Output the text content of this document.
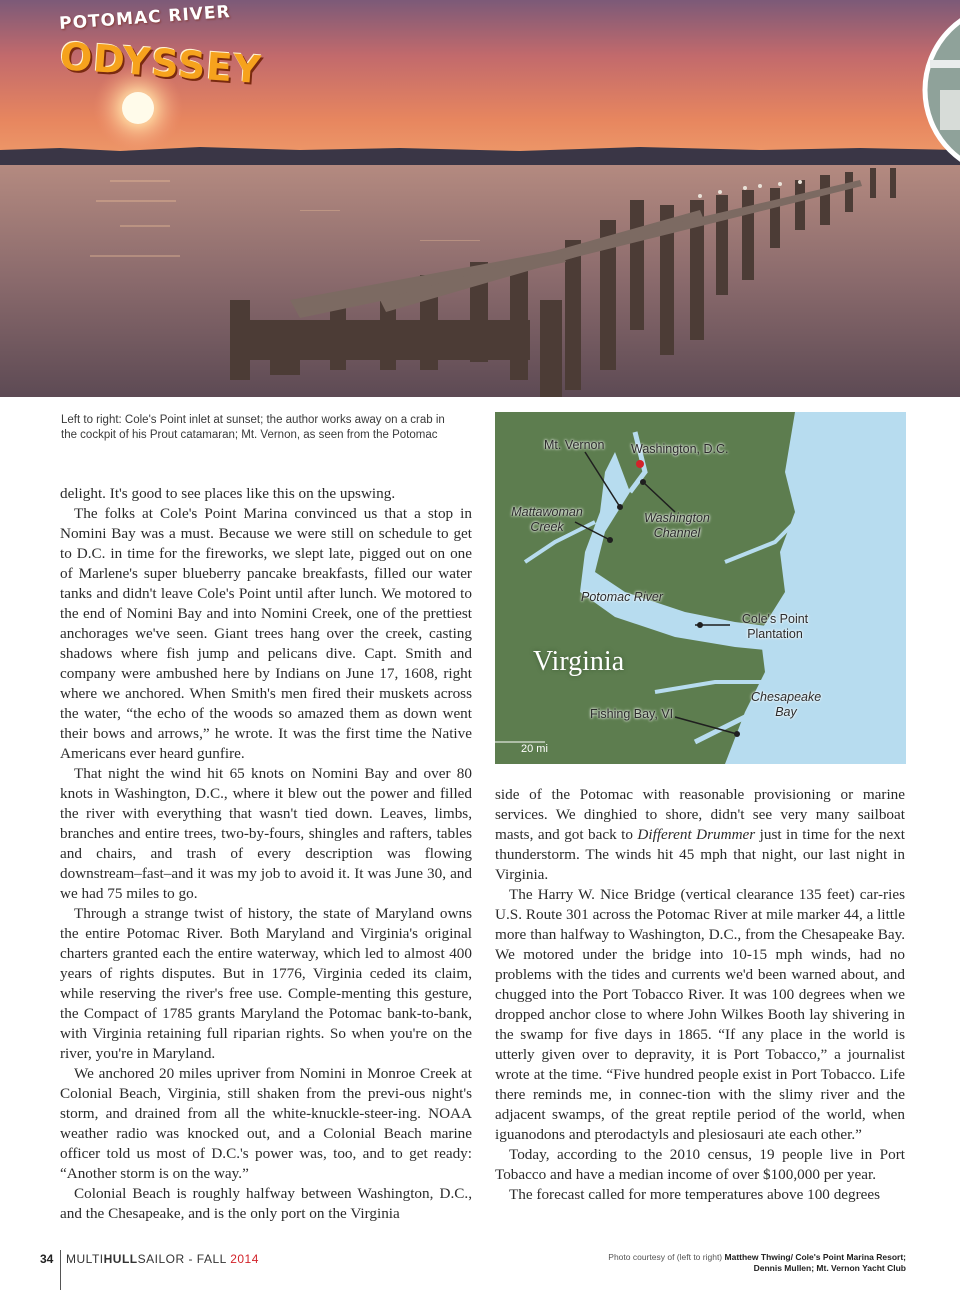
POTOMAC RIVER
ODYSSEY
Left to right: Cole's Point inlet at sunset; the author works away on a crab in the cockpit of his Prout catamaran; Mt. Vernon, as seen from the Potomac
Mt. Vernon Washington, D.C.
Mattawoman Creek
Washington Channel
Potomac River
Cole's Point Plantation
Virginia
Chesapeake Bay
Fishing Bay, VI
20 mi

delight. It's good to see places like this on the upswing.

The folks at Cole's Point Marina convinced us that a stop in Nomini Bay was a must. Because we were still on schedule to get to D.C. in time for the fireworks, we slept late, pigged out on one of Marlene's super blueberry pancake breakfasts, filled our water tanks and didn't leave Cole's Point until after lunch. We motored to the end of Nomini Bay and into Nomini Creek, one of the prettiest anchorages we've seen. Giant trees hang over the creek, casting shadows where fish jump and pelicans dive. Capt. Smith and company were ambushed here by Indians on June 17, 1608, right where we anchored. When Smith's men fired their muskets across the water, “the echo of the woods so amazed them as down went their bows and arrows,” he wrote. It was the first time the Native Americans ever heard gunfire.

That night the wind hit 65 knots on Nomini Bay and over 80 knots in Washington, D.C., where it blew out the power and filled the river with everything that wasn't tied down. Leaves, limbs, branches and entire trees, two-by-fours, shingles and rafters, tables and chairs, and trash of every description was flowing downstream–fast–and it was my job to avoid it. It was June 30, and we had 75 miles to go.

Through a strange twist of history, the state of Maryland owns the entire Potomac River. Both Maryland and Virginia's original charters granted each the entire waterway, which led to almost 400 years of rights disputes. But in 1776, Virginia ceded its claim, while reserving the river's free use. Comple-menting this gesture, the Compact of 1785 grants Maryland the Potomac bank-to-bank, with Virginia retaining full riparian rights. So when you're on the river, you're in Maryland.

We anchored 20 miles upriver from Nomini in Monroe Creek at Colonial Beach, Virginia, still shaken from the previ-ous night's storm, and drained from all the white-knuckle-steer-ing. NOAA weather radio was knocked out, and a Colonial Beach marine officer told us most of D.C.'s power was, too, and to get ready: “Another storm is on the way.”

Colonial Beach is roughly halfway between Washington, D.C., and the Chesapeake, and is the only port on the Virginia

side of the Potomac with reasonable provisioning or marine services. We dinghied to shore, didn't see very many sailboat masts, and got back to Different Drummer just in time for the next thunderstorm. The winds hit 45 mph that night, our last night in Virginia.

The Harry W. Nice Bridge (vertical clearance 135 feet) car-ries U.S. Route 301 across the Potomac River at mile marker 44, a little more than halfway to Washington, D.C., from the Chesapeake Bay. We motored under the bridge into 10-15 mph winds, had no problems with the tides and currents we'd been warned about, and chugged into the Port Tobacco River. It was 100 degrees when we dropped anchor close to where John Wilkes Booth lay shivering in the swamp for five days in 1865. “If any place in the world is utterly given over to depravity, it is Port Tobacco,” a journalist wrote at the time. “Five hundred people exist in Port Tobacco. Life there reminds me, in connec-tion with the slimy river and the adjacent swamps, of the great reptile period of the world, when iguanodons and pterodactyls and plesiosauri ate each other.”

Today, according to the 2010 census, 19 people live in Port Tobacco and have a median income of over $100,000 per year.

The forecast called for more temperatures above 100 degrees

34 MULTIHULLSAILOR - FALL 2014	Photo courtesy of (left to right) Matthew Thwing/ Cole's Point Marina Resort; Dennis Mullen; Mt. Vernon Yacht Club
